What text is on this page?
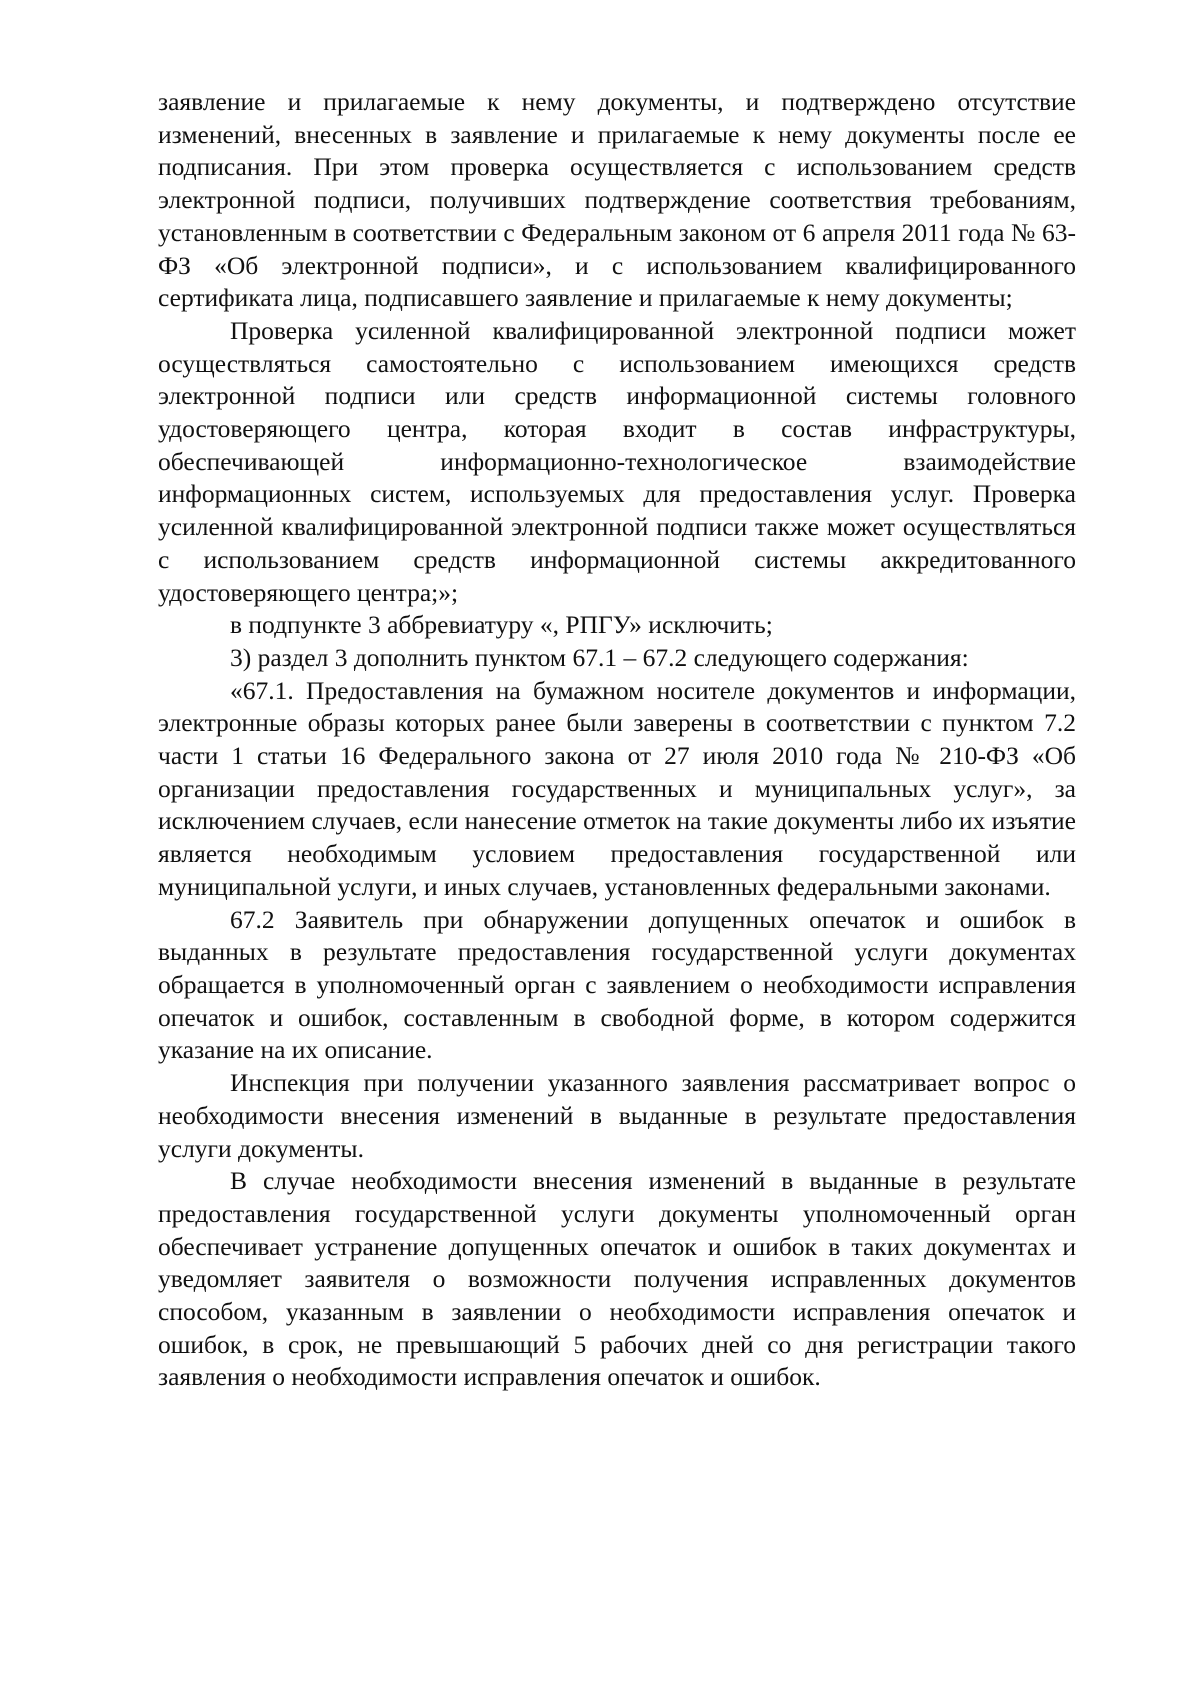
заявление и прилагаемые к нему документы, и подтверждено отсутствие изменений, внесенных в заявление и прилагаемые к нему документы после ее подписания. При этом проверка осуществляется с использованием средств электронной подписи, получивших подтверждение соответствия требованиям, установленным в соответствии с Федеральным законом от 6 апреля 2011 года № 63-ФЗ «Об электронной подписи», и с использованием квалифицированного сертификата лица, подписавшего заявление и прилагаемые к нему документы;

Проверка усиленной квалифицированной электронной подписи может осуществляться самостоятельно с использованием имеющихся средств электронной подписи или средств информационной системы головного удостоверяющего центра, которая входит в состав инфраструктуры, обеспечивающей информационно-технологическое взаимодействие информационных систем, используемых для предоставления услуг. Проверка усиленной квалифицированной электронной подписи также может осуществляться с использованием средств информационной системы аккредитованного удостоверяющего центра;»;

в подпункте 3 аббревиатуру «, РПГУ» исключить;

3) раздел 3 дополнить пунктом 67.1 – 67.2 следующего содержания:

«67.1. Предоставления на бумажном носителе документов и информации, электронные образы которых ранее были заверены в соответствии с пунктом 7.2 части 1 статьи 16 Федерального закона от 27 июля 2010 года № 210-ФЗ «Об организации предоставления государственных и муниципальных услуг», за исключением случаев, если нанесение отметок на такие документы либо их изъятие является необходимым условием предоставления государственной или муниципальной услуги, и иных случаев, установленных федеральными законами.

67.2 Заявитель при обнаружении допущенных опечаток и ошибок в выданных в результате предоставления государственной услуги документах обращается в уполномоченный орган с заявлением о необходимости исправления опечаток и ошибок, составленным в свободной форме, в котором содержится указание на их описание.

Инспекция при получении указанного заявления рассматривает вопрос о необходимости внесения изменений в выданные в результате предоставления услуги документы.

В случае необходимости внесения изменений в выданные в результате предоставления государственной услуги документы уполномоченный орган обеспечивает устранение допущенных опечаток и ошибок в таких документах и уведомляет заявителя о возможности получения исправленных документов способом, указанным в заявлении о необходимости исправления опечаток и ошибок, в срок, не превышающий 5 рабочих дней со дня регистрации такого заявления о необходимости исправления опечаток и ошибок.
